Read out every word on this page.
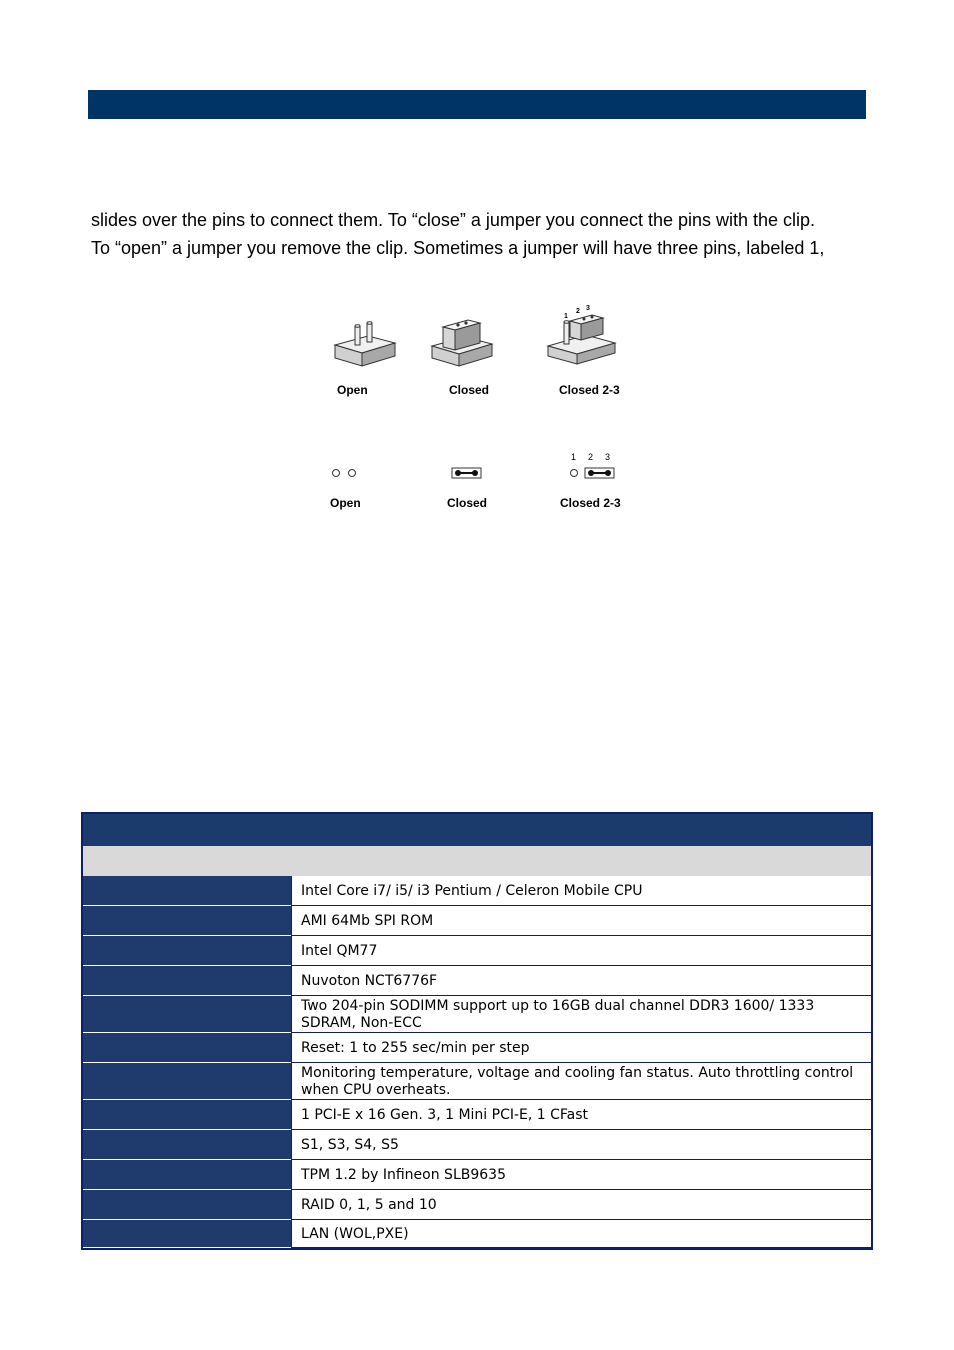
slides over the pins to connect them. To “close” a jumper you connect the pins with the clip.
To “open” a jumper you remove the clip. Sometimes a jumper will have three pins, labeled 1,
1
2 3
Open	Closed	Closed 2-3
1 2 3
Open	Closed	Closed 2-3
Intel Core i7/ i5/ i3 Pentium / Celeron Mobile CPU
AMI 64Mb SPI ROM
Intel QM77
Nuvoton NCT6776F
Two 204-pin SODIMM support up to 16GB dual channel DDR3 1600/ 1333 SDRAM, Non-ECC
Reset: 1 to 255 sec/min per step
Monitoring temperature, voltage and cooling fan status. Auto throttling control when CPU overheats.
1 PCI-E x 16 Gen. 3, 1 Mini PCI-E, 1 CFast
S1, S3, S4, S5
TPM 1.2 by Infineon SLB9635
RAID 0, 1, 5 and 10
LAN (WOL,PXE)
